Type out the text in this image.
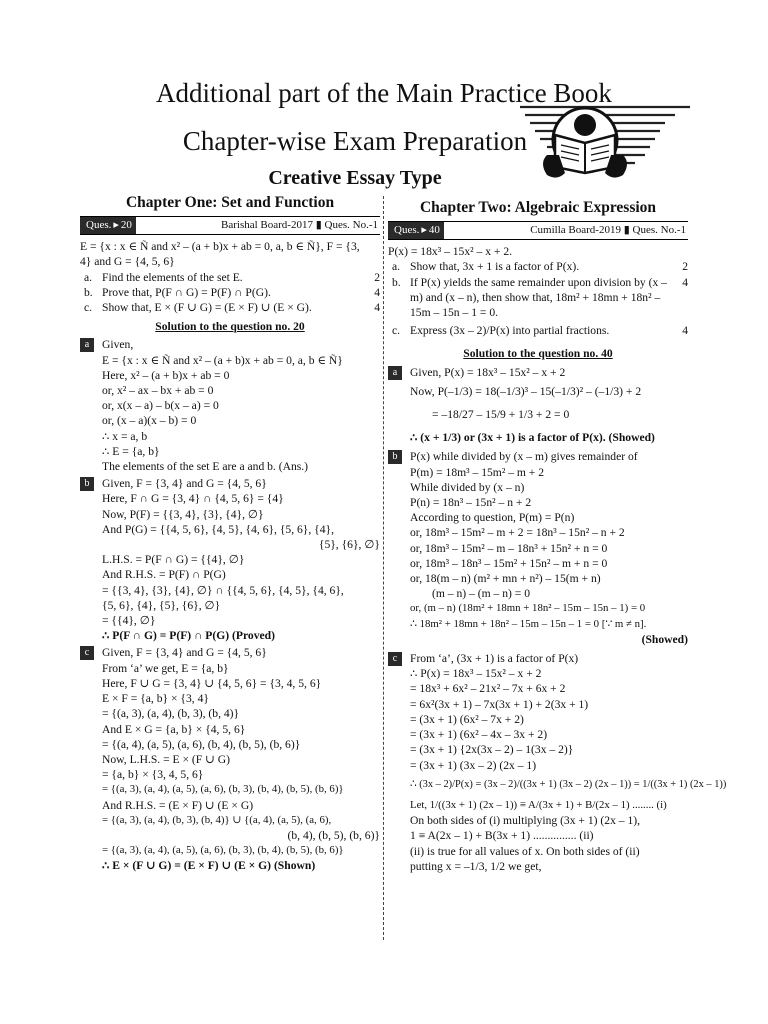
Additional part of the Main Practice Book
Chapter-wise Exam Preparation
Creative Essay Type
Chapter One: Set and Function
Ques. ▸ 20	Barishal Board-2017 ▮ Ques. No.-1
E = {x : x ∈ Ñ and x² – (a + b)x + ab = 0, a, b ∈ Ñ}, F = {3,
4} and G = {4, 5, 6}
a. Find the elements of the set E.	2
b. Prove that, P(F ∩ G) = P(F) ∩ P(G).	4
c. Show that, E × (F ∪ G) = (E × F) ∪ (E × G).	4
Solution to the question no. 20
a	Given,
E = {x : x ∈ Ñ and x² – (a + b)x + ab = 0, a, b ∈ Ñ}
Here, x² – (a + b)x + ab = 0
or, x² – ax – bx + ab = 0
or, x(x – a) – b(x – a) = 0
or, (x – a)(x – b) = 0
∴ x = a, b
∴ E = {a, b}
The elements of the set E are a and b. (Ans.)
b	Given, F = {3, 4} and G = {4, 5, 6}
Here, F ∩ G = {3, 4} ∩ {4, 5, 6} = {4}
Now, P(F) = {{3, 4}, {3}, {4}, ∅}
And P(G) = {{4, 5, 6}, {4, 5}, {4, 6}, {5, 6}, {4},
{5}, {6}, ∅}
L.H.S. = P(F ∩ G) = {{4}, ∅}
And R.H.S. = P(F) ∩ P(G)
= {{3, 4}, {3}, {4}, ∅} ∩ {{4, 5, 6}, {4, 5}, {4, 6},
{5, 6}, {4}, {5}, {6}, ∅}
= {{4}, ∅}
∴ P(F ∩ G) = P(F) ∩ P(G) (Proved)
c	Given, F = {3, 4} and G = {4, 5, 6}
From ‘a’ we get, E = {a, b}
Here, F ∪ G = {3, 4} ∪ {4, 5, 6} = {3, 4, 5, 6}
E × F = {a, b} × {3, 4}
= {(a, 3), (a, 4), (b, 3), (b, 4)}
And E × G = {a, b} × {4, 5, 6}
= {(a, 4), (a, 5), (a, 6), (b, 4), (b, 5), (b, 6)}
Now, L.H.S. = E × (F ∪ G)
= {a, b} × {3, 4, 5, 6}
= {(a, 3), (a, 4), (a, 5), (a, 6), (b, 3), (b, 4), (b, 5), (b, 6)}
And R.H.S. = (E × F) ∪ (E × G)
= {(a, 3), (a, 4), (b, 3), (b, 4)} ∪ {(a, 4), (a, 5), (a, 6),
(b, 4), (b, 5), (b, 6)}
= {(a, 3), (a, 4), (a, 5), (a, 6), (b, 3), (b, 4), (b, 5), (b, 6)}
∴ E × (F ∪ G) = (E × F) ∪ (E × G) (Shown)
Chapter Two: Algebraic Expression
Ques. ▸ 40	Cumilla Board-2019 ▮ Ques. No.-1
P(x) = 18x³ – 15x² – x + 2.
a. Show that, 3x + 1 is a factor of P(x).	2
b. If P(x) yields the same remainder upon division by (x – m) and (x – n), then show that, 18m² + 18mn + 18n² – 15m – 15n – 1 = 0.
4
c. Express (3x – 2)/P(x) into partial fractions.	4
Solution to the question no. 40
a	Given, P(x) = 18x³ – 15x² – x + 2
Now, P(–1/3) = 18(–1/3)³ – 15(–1/3)² – (–1/3) + 2
= –18/27 – 15/9 + 1/3 + 2 = 0
∴ (x + 1/3) or (3x + 1) is a factor of P(x). (Showed)
b	P(x) while divided by (x – m) gives remainder of
P(m) = 18m³ – 15m² – m + 2
While divided by (x – n)
P(n) = 18n³ – 15n² – n + 2
According to question, P(m) = P(n)
or, 18m³ – 15m² – m + 2 = 18n³ – 15n² – n + 2
or, 18m³ – 15m² – m – 18n³ + 15n² + n = 0
or, 18m³ – 18n³ – 15m² + 15n² – m + n = 0
or, 18(m – n) (m² + mn + n²) – 15(m + n)
(m – n) – (m – n) = 0
or, (m – n) (18m² + 18mn + 18n² – 15m – 15n – 1) = 0
∴ 18m² + 18mn + 18n² – 15m – 15n – 1 = 0 [∵ m ≠ n].
(Showed)
c	From ‘a’, (3x + 1) is a factor of P(x)
∴ P(x) = 18x³ – 15x² – x + 2
= 18x³ + 6x² – 21x² – 7x + 6x + 2
= 6x²(3x + 1) – 7x(3x + 1) + 2(3x + 1)
= (3x + 1) (6x² – 7x + 2)
= (3x + 1) (6x² – 4x – 3x + 2)
= (3x + 1) {2x(3x – 2) – 1(3x – 2)}
= (3x + 1) (3x – 2) (2x – 1)
∴ (3x – 2)/P(x) = (3x – 2)/((3x + 1) (3x – 2) (2x – 1)) = 1/((3x + 1) (2x – 1))
Let, 1/((3x + 1) (2x – 1)) ≡ A/(3x + 1) + B/(2x – 1) ........ (i)
On both sides of (i) multiplying (3x + 1) (2x – 1),
1 ≡ A(2x – 1) + B(3x + 1) ............... (ii)
(ii) is true for all values of x. On both sides of (ii)
putting x = –1/3, 1/2 we get,
